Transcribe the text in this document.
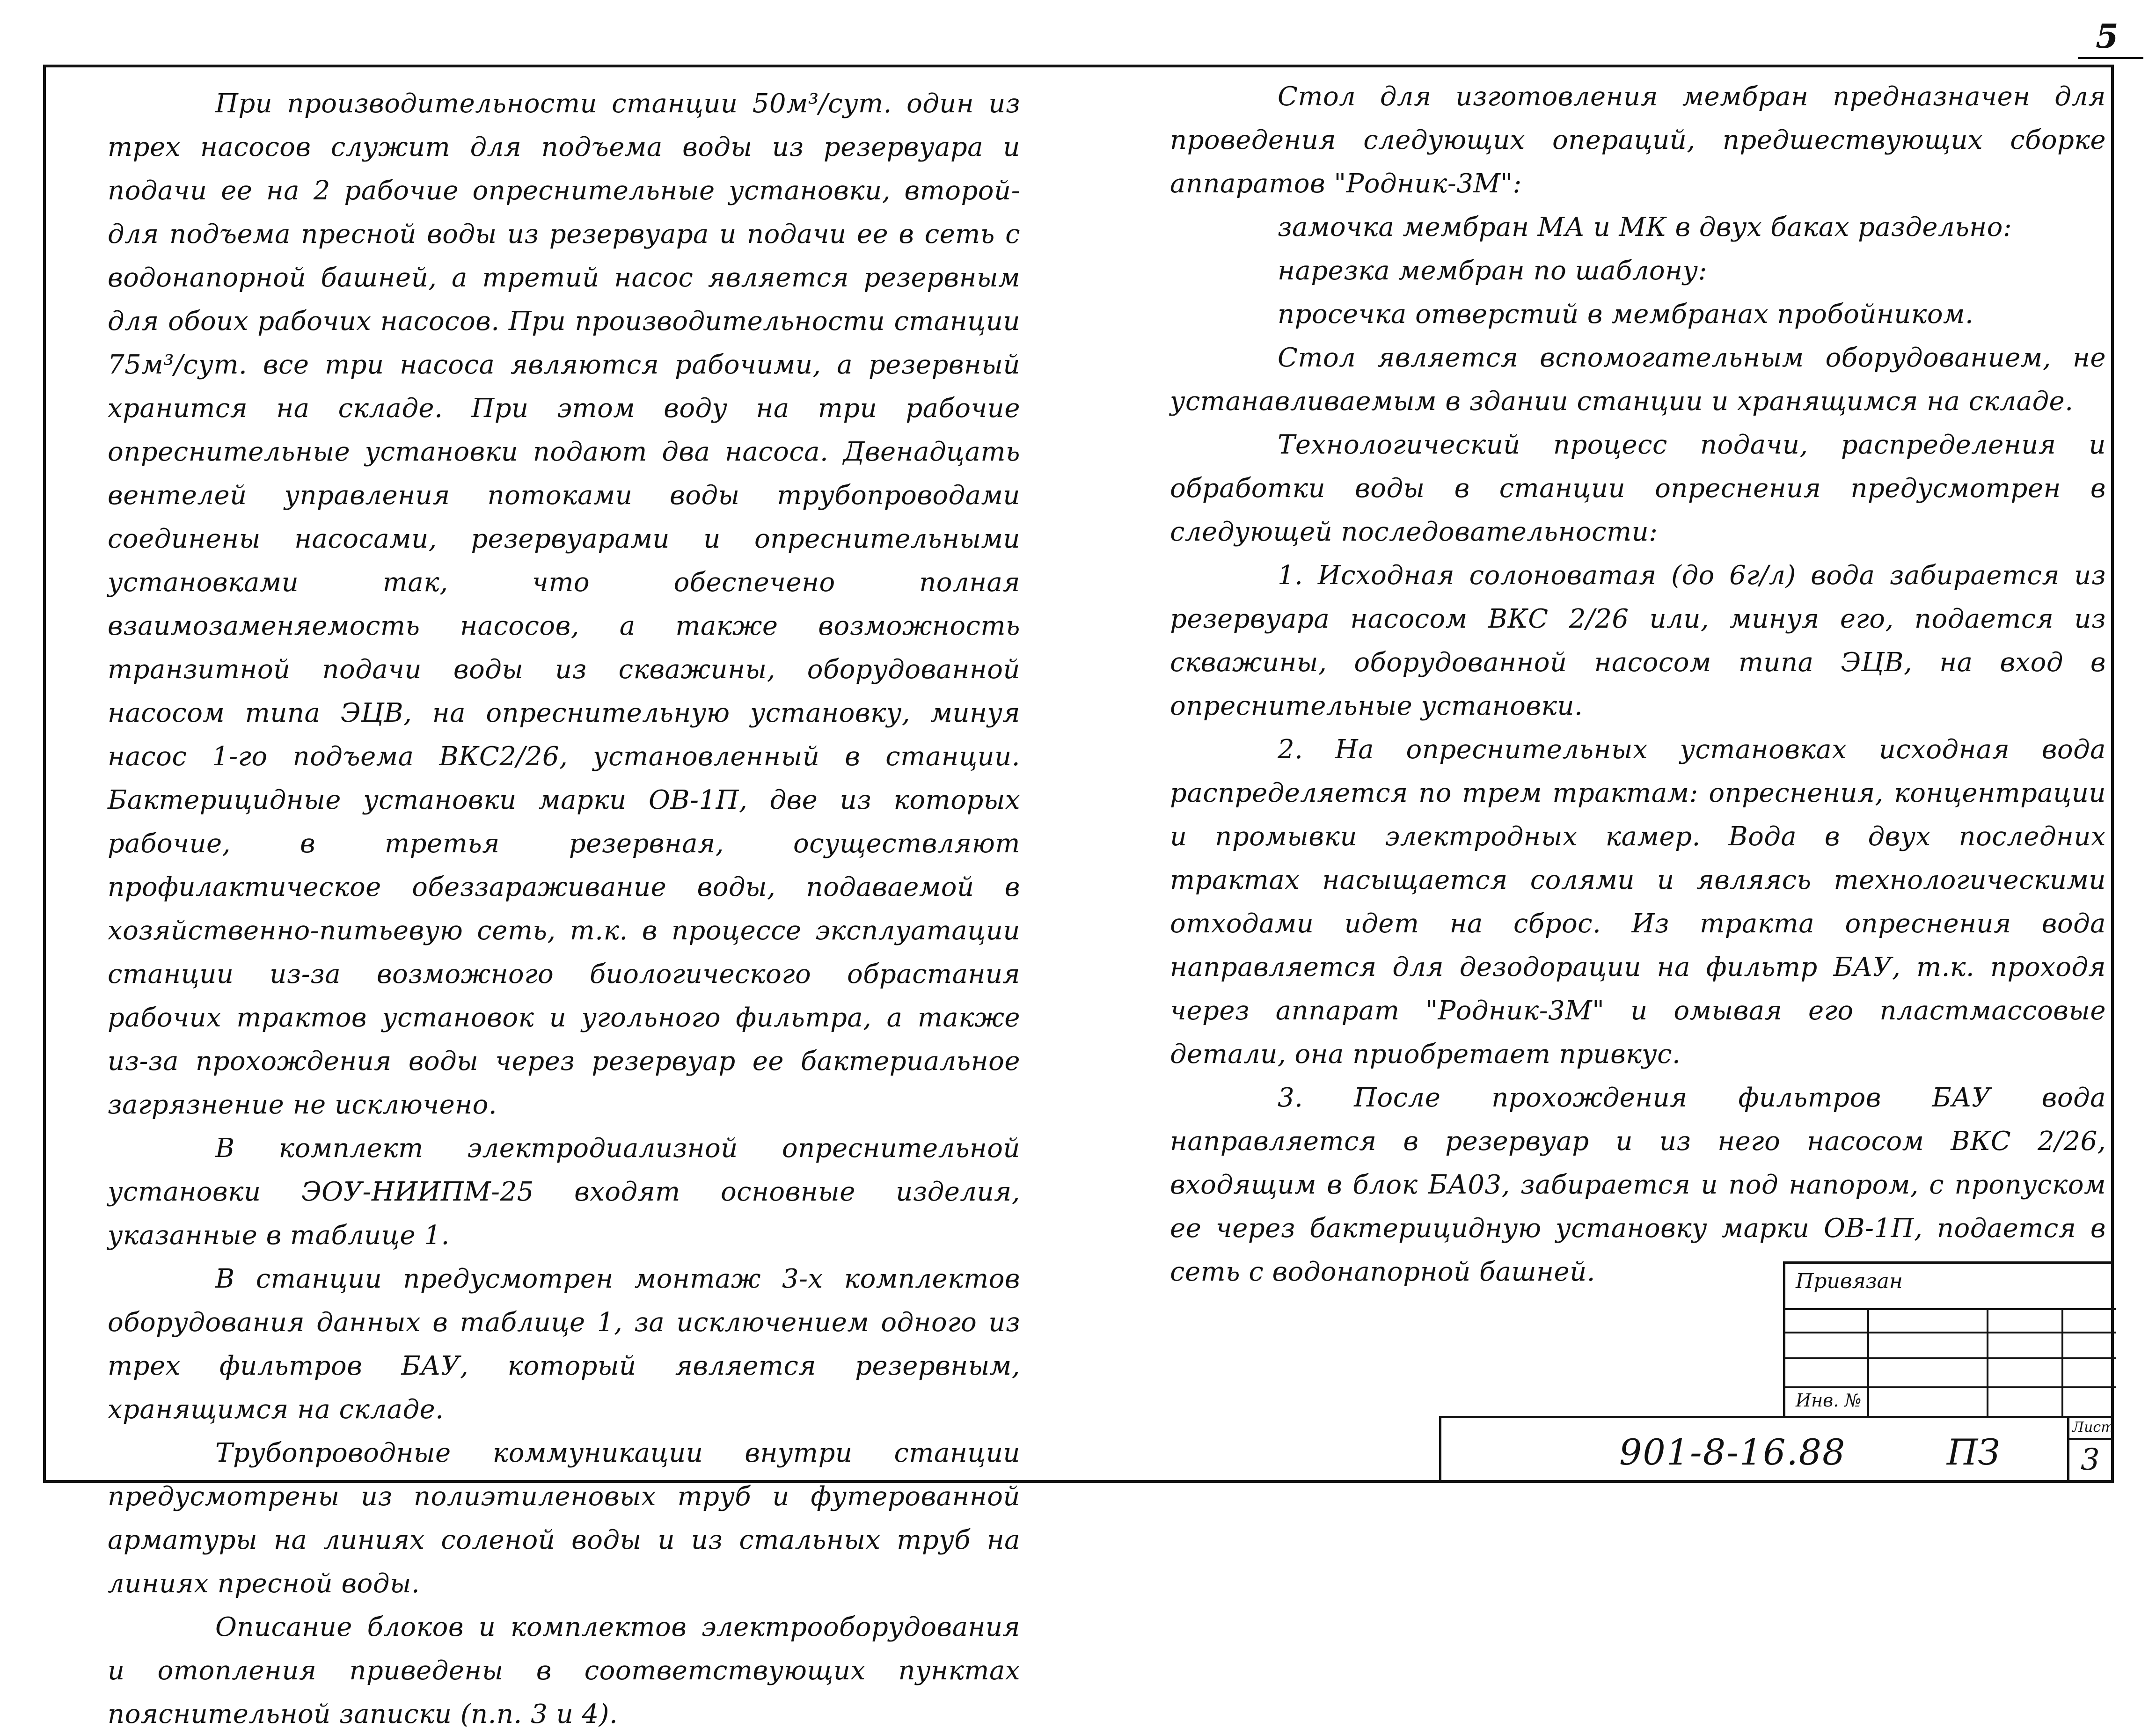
5

При производительности станции 50м³/сут. один из трех насосов служит для подъема воды из резервуара и подачи ее на 2 рабочие опреснительные установки, второй- для подъема пресной воды из резервуара и подачи ее в сеть с водонапорной башней, а третий насос является резервным для обоих рабочих насосов. При производительности станции 75м³/сут. все три насоса являются рабочими, а резервный хранится на складе. При этом воду на три рабочие опреснительные установки подают два насоса. Двенадцать вентелей управления потоками воды трубопроводами соединены насосами, резервуарами и опреснительными установками так, что обеспечено полная взаимозаменяемость насосов, а также возможность транзитной подачи воды из скважины, оборудованной насосом типа ЭЦВ, на опреснительную установку, минуя насос 1-го подъема ВКС2/26, установленный в станции. Бактерицидные установки марки ОВ-1П, две из которых рабочие, в третья резервная, осуществляют профилактическое обеззараживание воды, подаваемой в хозяйственно-питьевую сеть, т.к. в процессе эксплуатации станции из-за возможного биологического обрастания рабочих трактов установок и угольного фильтра, а также из-за прохождения воды через резервуар ее бактериальное загрязнение не исключено.

В комплект электродиализной опреснительной установки ЭОУ-НИИПМ-25 входят основные изделия, указанные в таблице 1.

В станции предусмотрен монтаж 3-х комплектов оборудования данных в таблице 1, за исключением одного из трех фильтров БАУ, который является резервным, хранящимся на складе.

Трубопроводные коммуникации внутри станции предусмотрены из полиэтиленовых труб и футерованной арматуры на линиях соленой воды и из стальных труб на линиях пресной воды.

Описание блоков и комплектов электрооборудования и отопления приведены в соответствующих пунктах пояснительной записки (п.п. 3 и 4).

Стол для изготовления мембран предназначен для проведения следующих операций, предшествующих сборке аппаратов "Родник-3М":

замочка мембран МА и МК в двух баках раздельно:

нарезка мембран по шаблону:

просечка отверстий в мембранах пробойником.

Стол является вспомогательным оборудованием, не устанавливаемым в здании станции и хранящимся на складе.

Технологический процесс подачи, распределения и обработки воды в станции опреснения предусмотрен в следующей последовательности:

1. Исходная солоноватая (до 6г/л) вода забирается из резервуара насосом ВКС 2/26 или, минуя его, подается из скважины, оборудованной насосом типа ЭЦВ, на вход в опреснительные установки.

2. На опреснительных установках исходная вода распределяется по трем трактам: опреснения, концентрации и промывки электродных камер. Вода в двух последних трактах насыщается солями и являясь технологическими отходами идет на сброс. Из тракта опреснения вода направляется для дезодорации на фильтр БАУ, т.к. проходя через аппарат "Родник-3М" и омывая его пластмассовые детали, она приобретает привкус.

3. После прохождения фильтров БАУ вода направляется в резервуар и из него насосом ВКС 2/26, входящим в блок БА03, забирается и под напором, с пропуском ее через бактерицидную установку марки ОВ-1П, подается в сеть с водонапорной башней.	Привязан
Инв. №
901-8-16.88	ПЗ
Лист
3
